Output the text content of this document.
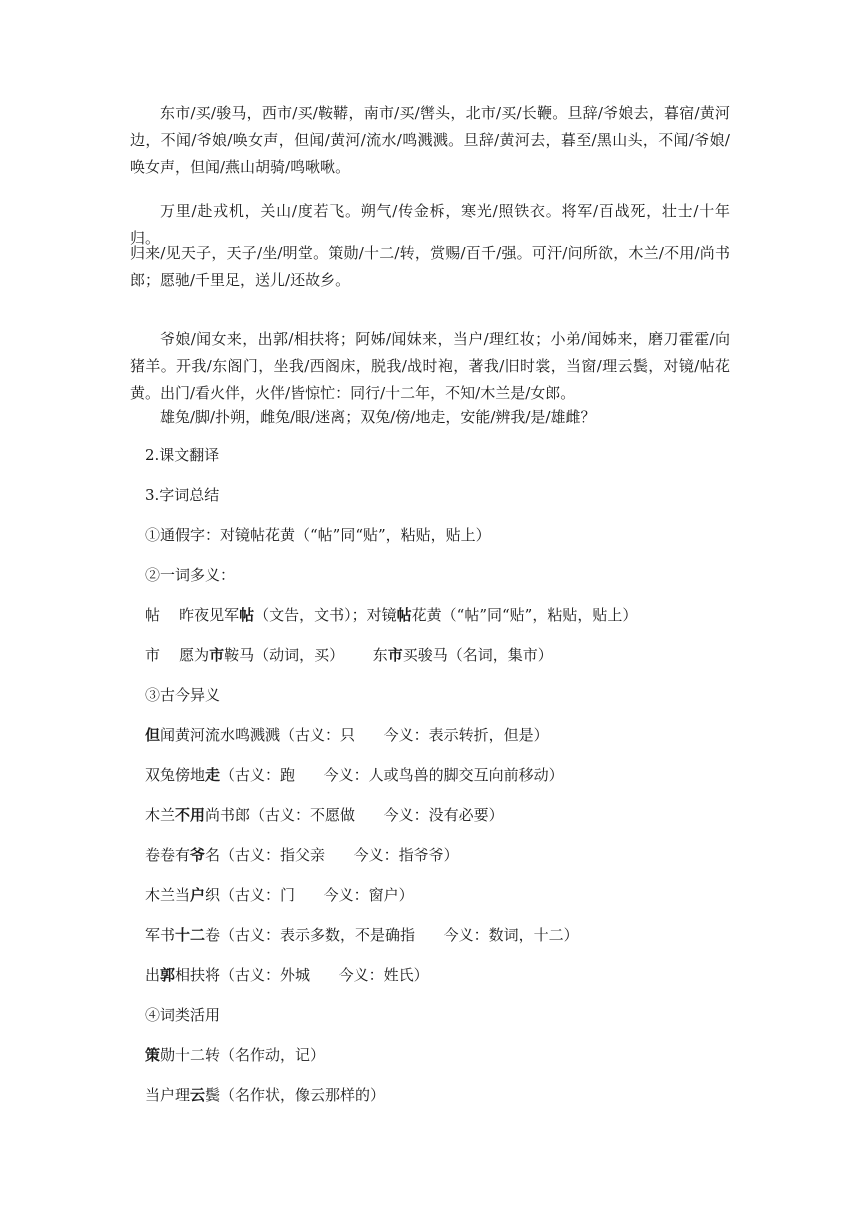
东市/买/骏马，西市/买/鞍鞯，南市/买/辔头，北市/买/长鞭。旦辞/爷娘去，暮宿/黄河边，不闻/爷娘/唤女声，但闻/黄河/流水/鸣溅溅。旦辞/黄河去，暮至/黑山头，不闻/爷娘/唤女声，但闻/燕山胡骑/鸣啾啾。

万里/赴戎机，关山/度若飞。朔气/传金柝，寒光/照铁衣。将军/百战死，壮士/十年归。

归来/见天子，天子/坐/明堂。策勋/十二/转，赏赐/百千/强。可汗/问所欲，木兰/不用/尚书郎；愿驰/千里足，送儿/还故乡。

爷娘/闻女来，出郭/相扶将；阿姊/闻妹来，当户/理红妆；小弟/闻姊来，磨刀霍霍/向猪羊。开我/东阁门，坐我/西阁床，脱我/战时袍，著我/旧时裳，当窗/理云鬓，对镜/帖花黄。出门/看火伴，火伴/皆惊忙：同行/十二年，不知/木兰是/女郎。

雄兔/脚/扑朔，雌兔/眼/迷离；双兔/傍/地走，安能/辨我/是/雄雌？

2.课文翻译
3.字词总结
①通假字：对镜帖花黄（“帖”同“贴”，粘贴，贴上）
②一词多义：
帖 昨夜见军帖（文告，文书）；对镜帖花黄（“帖”同“贴”，粘贴，贴上）
市 愿为市鞍马（动词，买） 东市买骏马（名词，集市）
③古今异义
但闻黄河流水鸣溅溅（古义：只 今义：表示转折，但是）
双兔傍地走（古义：跑 今义：人或鸟兽的脚交互向前移动）
木兰不用尚书郎（古义：不愿做 今义：没有必要）
卷卷有爷名（古义：指父亲 今义：指爷爷）
木兰当户织（古义：门 今义：窗户）
军书十二卷（古义：表示多数，不是确指 今义：数词，十二）
出郭相扶将（古义：外城 今义：姓氏）
④词类活用
策勋十二转（名作动，记）
当户理云鬓（名作状，像云那样的）
